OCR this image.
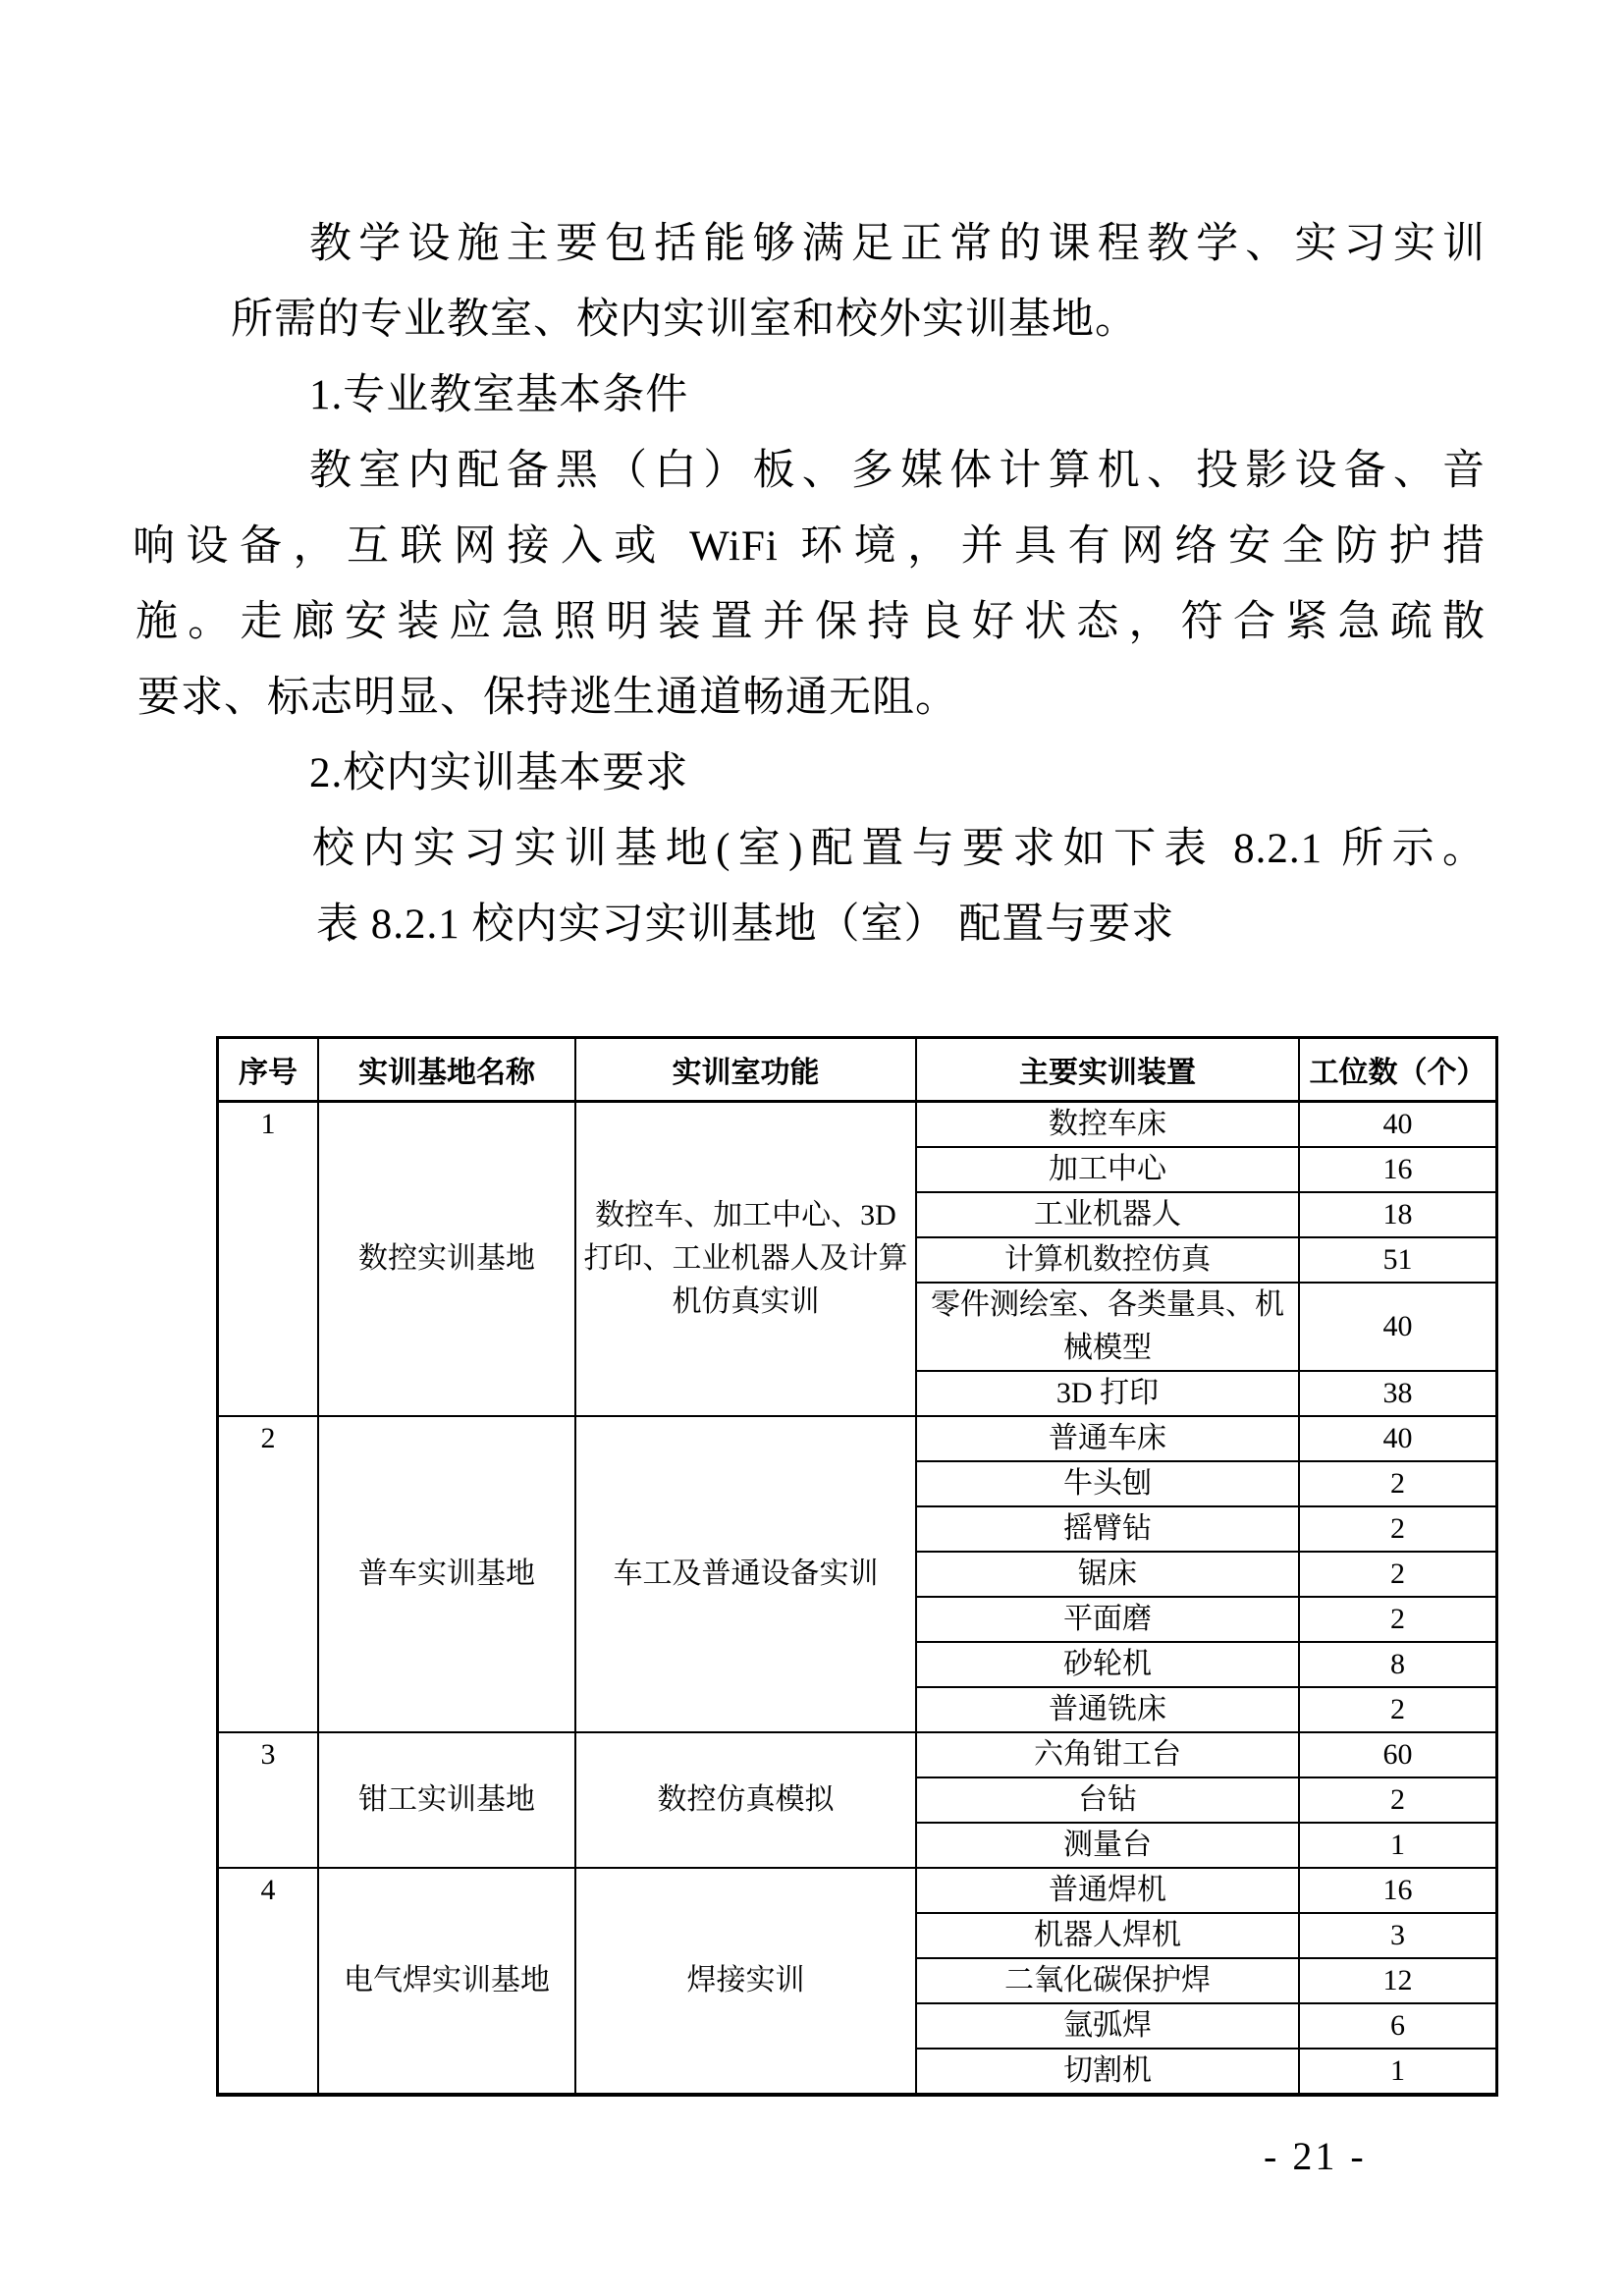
教学设施主要包括能够满足正常的课程教学、实习实训
所需的专业教室、校内实训室和校外实训基地。
1.专业教室基本条件
教室内配备黑（白）板、多媒体计算机、投影设备、音
响设备，互联网接入或 WiFi 环境，并具有网络安全防护措
施。走廊安装应急照明装置并保持良好状态，符合紧急疏散
要求、标志明显、保持逃生通道畅通无阻。
2.校内实训基本要求
校内实习实训基地(室)配置与要求如下表 8.2.1 所示。
表 8.2.1 校内实习实训基地（室） 配置与要求
序号	实训基地名称	实训室功能	主要实训装置	工位数（个）
1	数控实训基地	数控车、加工中心、3D 打印、工业机器人及计算机仿真实训	数控车床	40
			加工中心	16
			工业机器人	18
			计算机数控仿真	51
			零件测绘室、各类量具、机械模型	40
			3D 打印	38
2	普车实训基地	车工及普通设备实训	普通车床	40
			牛头刨	2
			摇臂钻	2
			锯床	2
			平面磨	2
			砂轮机	8
			普通铣床	2
3	钳工实训基地	数控仿真模拟	六角钳工台	60
			台钻	2
			测量台	1
4	电气焊实训基地	焊接实训	普通焊机	16
			机器人焊机	3
			二氧化碳保护焊	12
			氩弧焊	6
			切割机	1
- 21 -
